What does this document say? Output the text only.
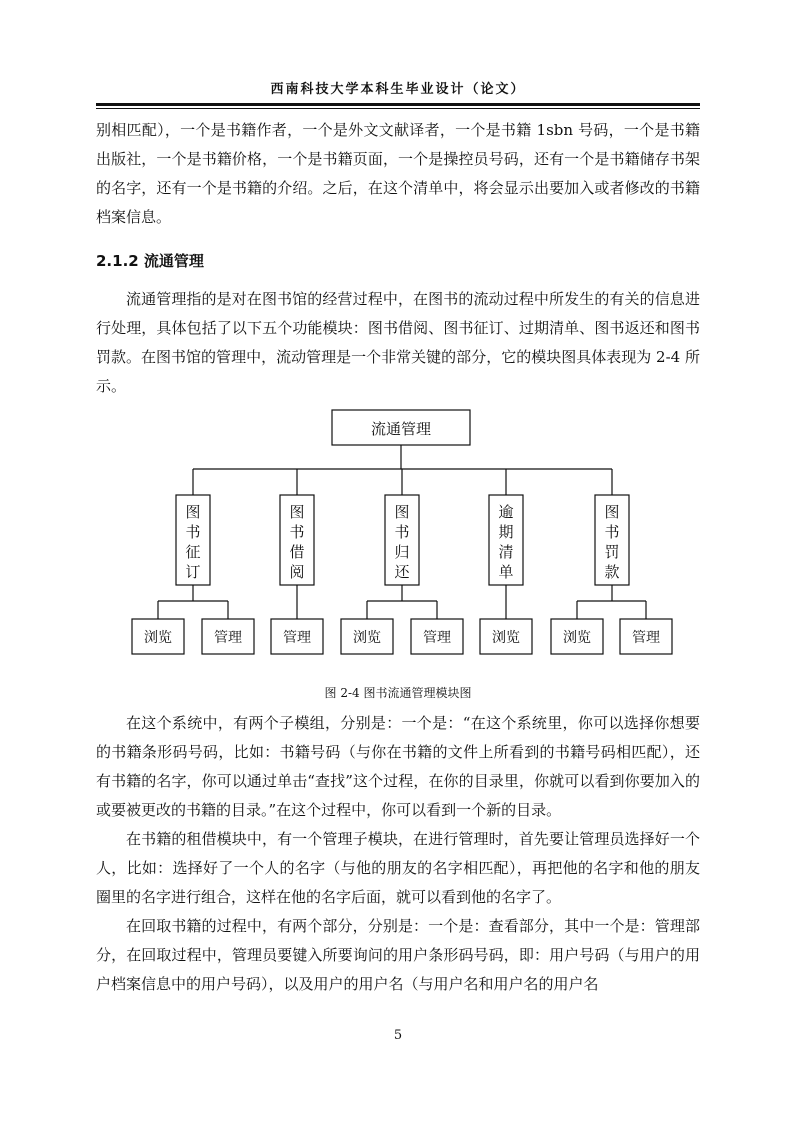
西南科技大学本科生毕业设计（论文）

别相匹配），一个是书籍作者，一个是外文文献译者，一个是书籍 1sbn 号码，一个是书籍出版社，一个是书籍价格，一个是书籍页面，一个是操控员号码，还有一个是书籍储存书架的名字，还有一个是书籍的介绍。之后，在这个清单中，将会显示出要加入或者修改的书籍档案信息。

2.1.2 流通管理

流通管理指的是对在图书馆的经营过程中，在图书的流动过程中所发生的有关的信息进行处理，具体包括了以下五个功能模块：图书借阅、图书征订、过期清单、图书返还和图书罚款。在图书馆的管理中，流动管理是一个非常关键的部分，它的模块图具体表现为 2-4 所示。

流通管理
图
书
征
订
浏览	管理
图
书
借
阅
管理
图
书
归
还
浏览	管理
逾
期
清
单
浏览
图
书
罚
款
浏览	管理

图 2-4 图书流通管理模块图

在这个系统中，有两个子模组，分别是：一个是：“在这个系统里，你可以选择你想要的书籍条形码号码，比如：书籍号码（与你在书籍的文件上所看到的书籍号码相匹配），还有书籍的名字，你可以通过单击“查找”这个过程，在你的目录里，你就可以看到你要加入的或要被更改的书籍的目录。”在这个过程中，你可以看到一个新的目录。

在书籍的租借模块中，有一个管理子模块，在进行管理时，首先要让管理员选择好一个人，比如：选择好了一个人的名字（与他的朋友的名字相匹配），再把他的名字和他的朋友圈里的名字进行组合，这样在他的名字后面，就可以看到他的名字了。

在回取书籍的过程中，有两个部分，分别是：一个是：查看部分，其中一个是：管理部分，在回取过程中，管理员要键入所要询问的用户条形码号码，即：用户号码（与用户的用户档案信息中的用户号码），以及用户的用户名（与用户名和用户名的用户名

5
